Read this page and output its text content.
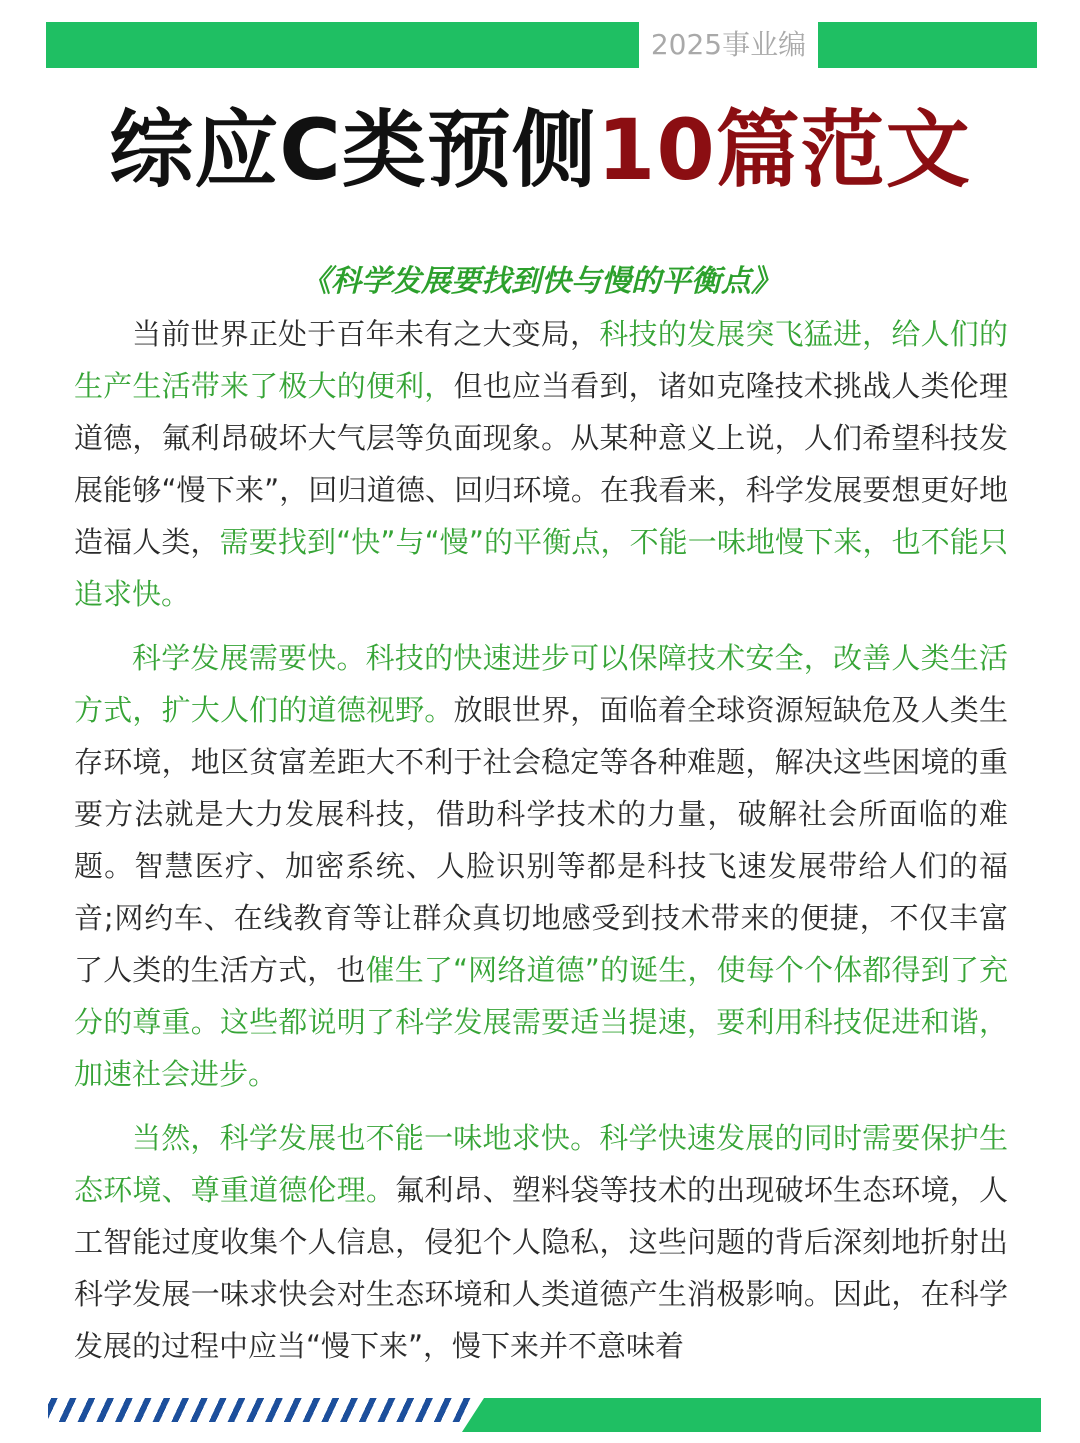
2025事业编
综应C类预侧10篇范文
《科学发展要找到快与慢的平衡点》

当前世界正处于百年未有之大变局，科技的发展突飞猛进，给人们的生产生活带来了极大的便利，但也应当看到，诸如克隆技术挑战人类伦理道德，氟利昂破坏大气层等负面现象。从某种意义上说，人们希望科技发展能够“慢下来”，回归道德、回归环境。在我看来，科学发展要想更好地造福人类，需要找到“快”与“慢”的平衡点，不能一味地慢下来，也不能只追求快。

科学发展需要快。科技的快速进步可以保障技术安全，改善人类生活方式，扩大人们的道德视野。放眼世界，面临着全球资源短缺危及人类生存环境，地区贫富差距大不利于社会稳定等各种难题，解决这些困境的重要方法就是大力发展科技，借助科学技术的力量，破解社会所面临的难题。智慧医疗、加密系统、人脸识别等都是科技飞速发展带给人们的福音;网约车、在线教育等让群众真切地感受到技术带来的便捷，不仅丰富了人类的生活方式，也催生了“网络道德”的诞生，使每个个体都得到了充分的尊重。这些都说明了科学发展需要适当提速，要利用科技促进和谐，加速社会进步。

当然，科学发展也不能一味地求快。科学快速发展的同时需要保护生态环境、尊重道德伦理。氟利昂、塑料袋等技术的出现破坏生态环境，人工智能过度收集个人信息，侵犯个人隐私，这些问题的背后深刻地折射出科学发展一味求快会对生态环境和人类道德产生消极影响。因此，在科学发展的过程中应当“慢下来”，慢下来并不意味着
